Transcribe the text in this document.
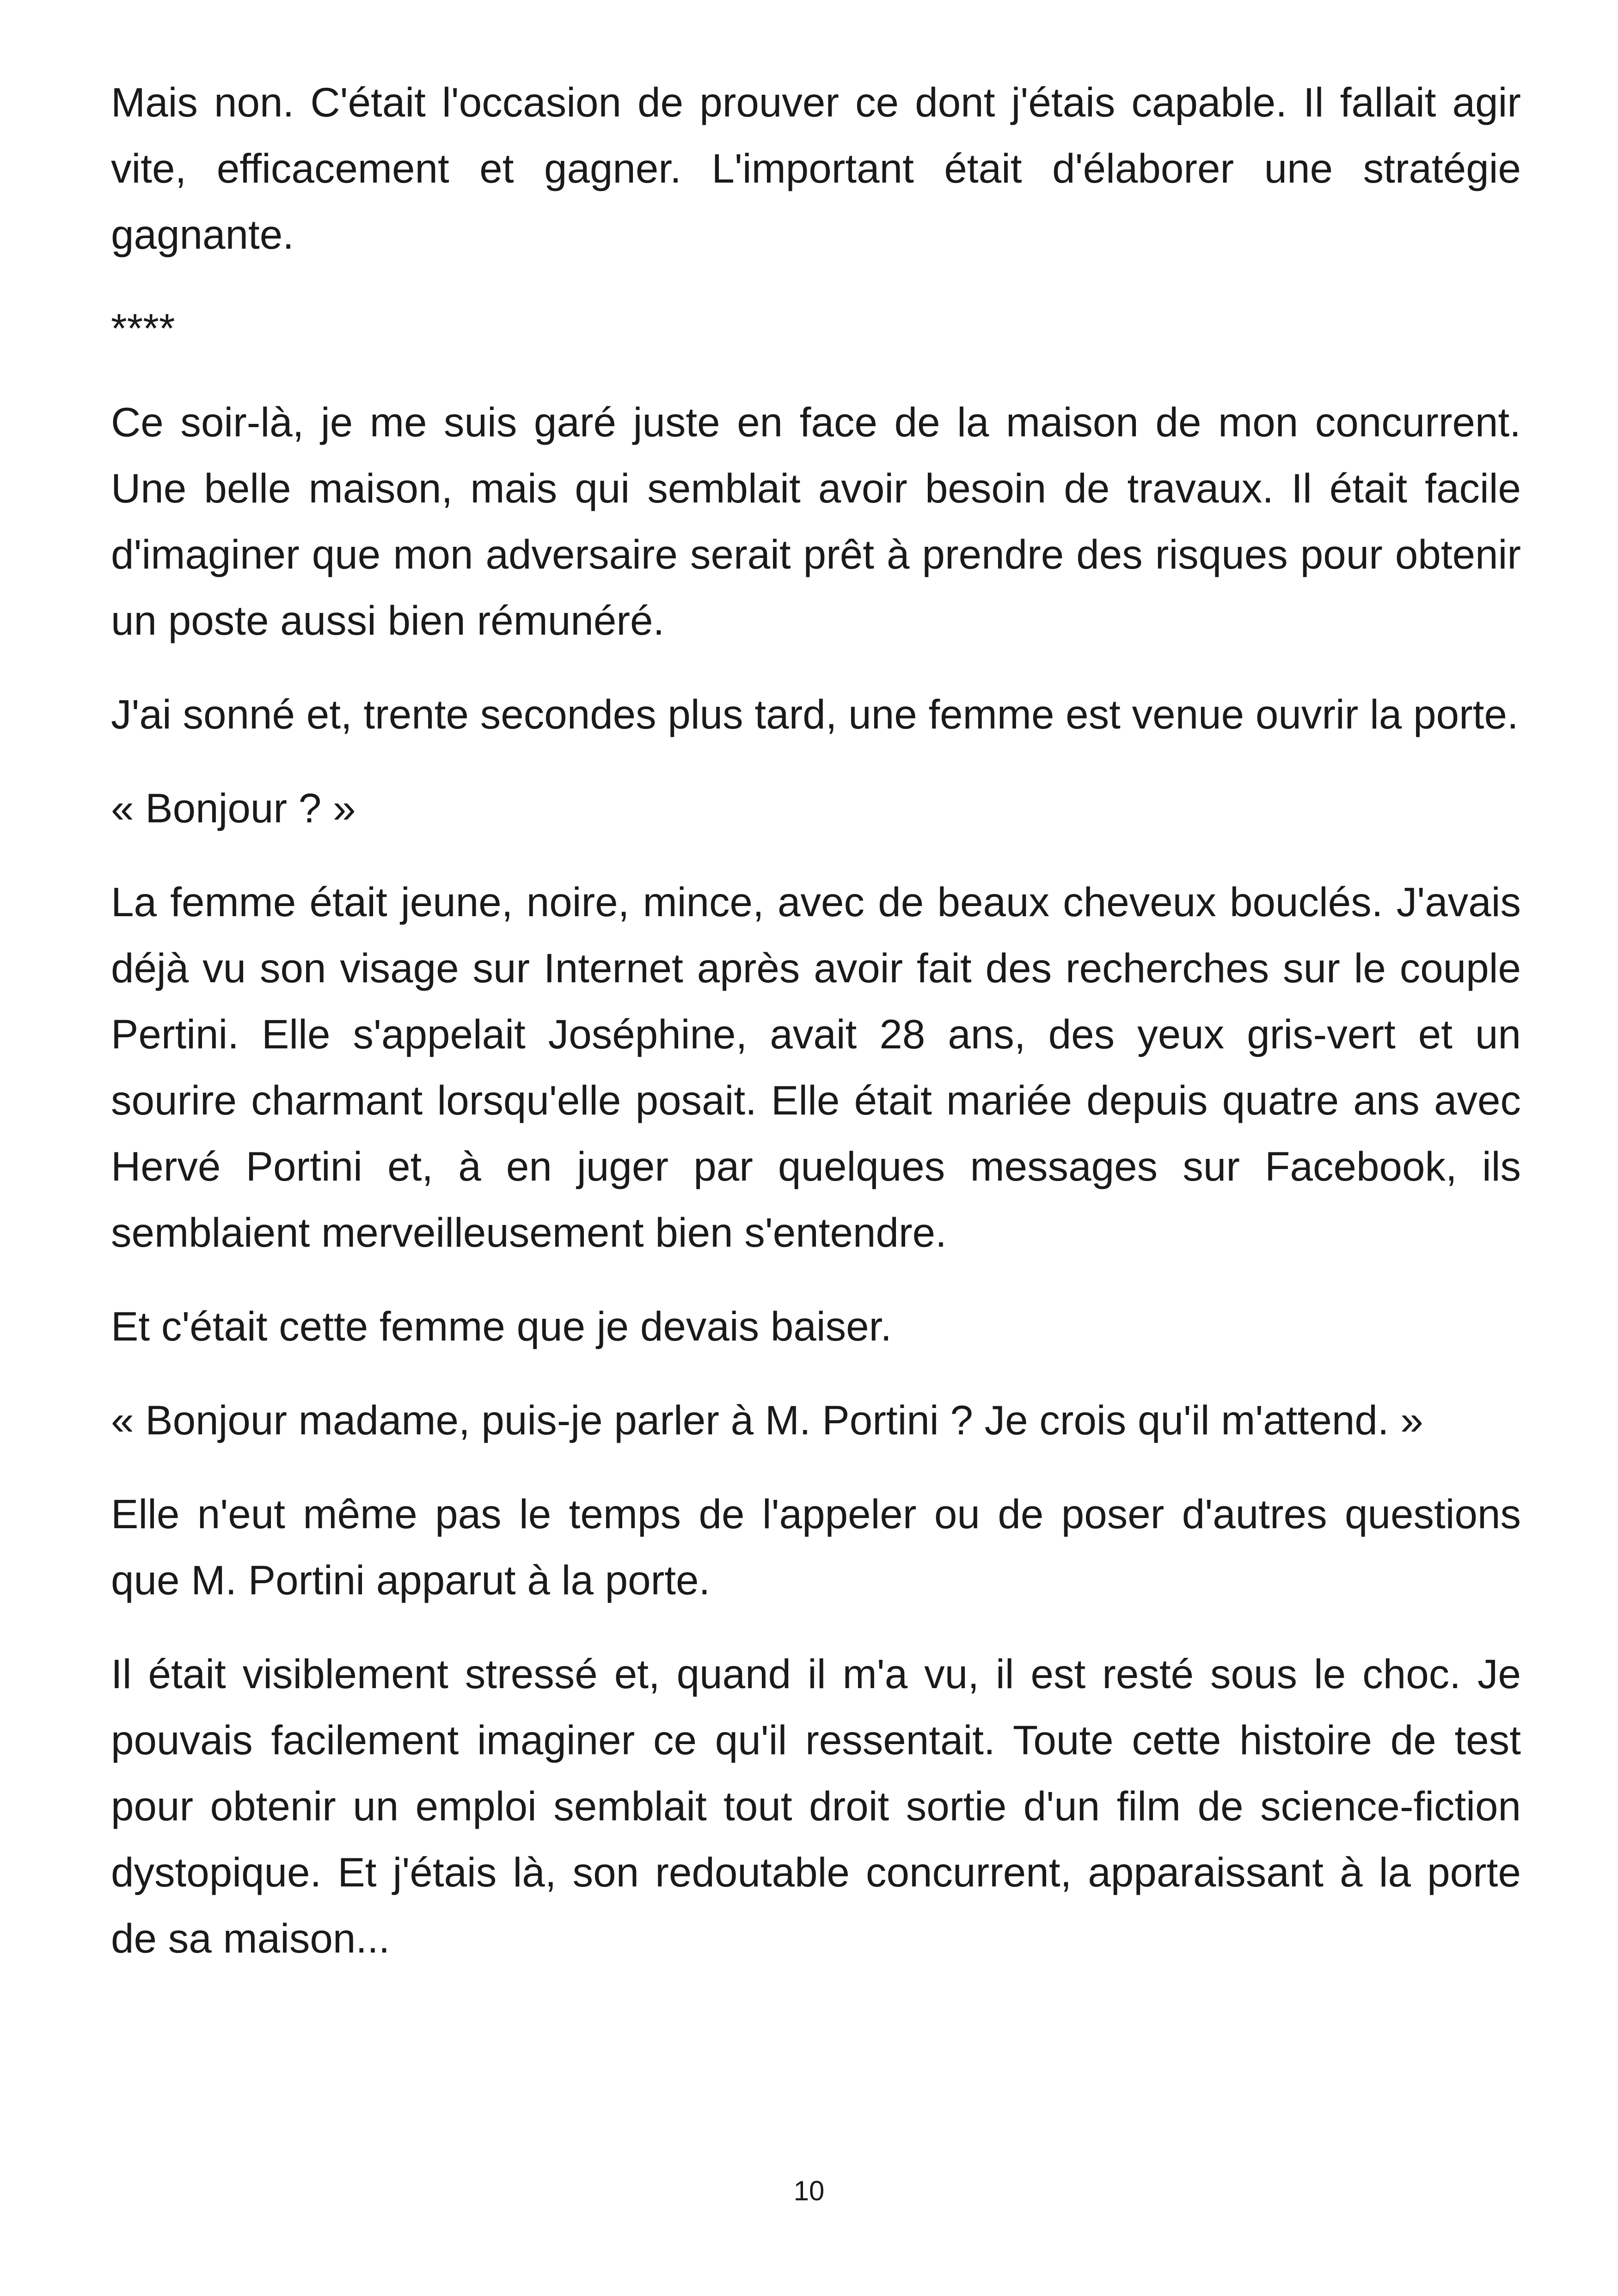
Mais non. C'était l'occasion de prouver ce dont j'étais capable. Il fallait agir vite, efficacement et gagner. L'important était d'élaborer une stratégie gagnante.

****

Ce soir-là, je me suis garé juste en face de la maison de mon concurrent. Une belle maison, mais qui semblait avoir besoin de travaux. Il était facile d'imaginer que mon adversaire serait prêt à prendre des risques pour obtenir un poste aussi bien rémunéré.

J'ai sonné et, trente secondes plus tard, une femme est venue ouvrir la porte.

« Bonjour ? »

La femme était jeune, noire, mince, avec de beaux cheveux bouclés. J'avais déjà vu son visage sur Internet après avoir fait des recherches sur le couple Pertini. Elle s'appelait Joséphine, avait 28 ans, des yeux gris-vert et un sourire charmant lorsqu'elle posait. Elle était mariée depuis quatre ans avec Hervé Portini et, à en juger par quelques messages sur Facebook, ils semblaient merveilleusement bien s'entendre.

Et c'était cette femme que je devais baiser.

« Bonjour madame, puis-je parler à M. Portini ? Je crois qu'il m'attend. »

Elle n'eut même pas le temps de l'appeler ou de poser d'autres questions que M. Portini apparut à la porte.

Il était visiblement stressé et, quand il m'a vu, il est resté sous le choc. Je pouvais facilement imaginer ce qu'il ressentait. Toute cette histoire de test pour obtenir un emploi semblait tout droit sortie d'un film de science-fiction dystopique. Et j'étais là, son redoutable concurrent, apparaissant à la porte de sa maison...

10
